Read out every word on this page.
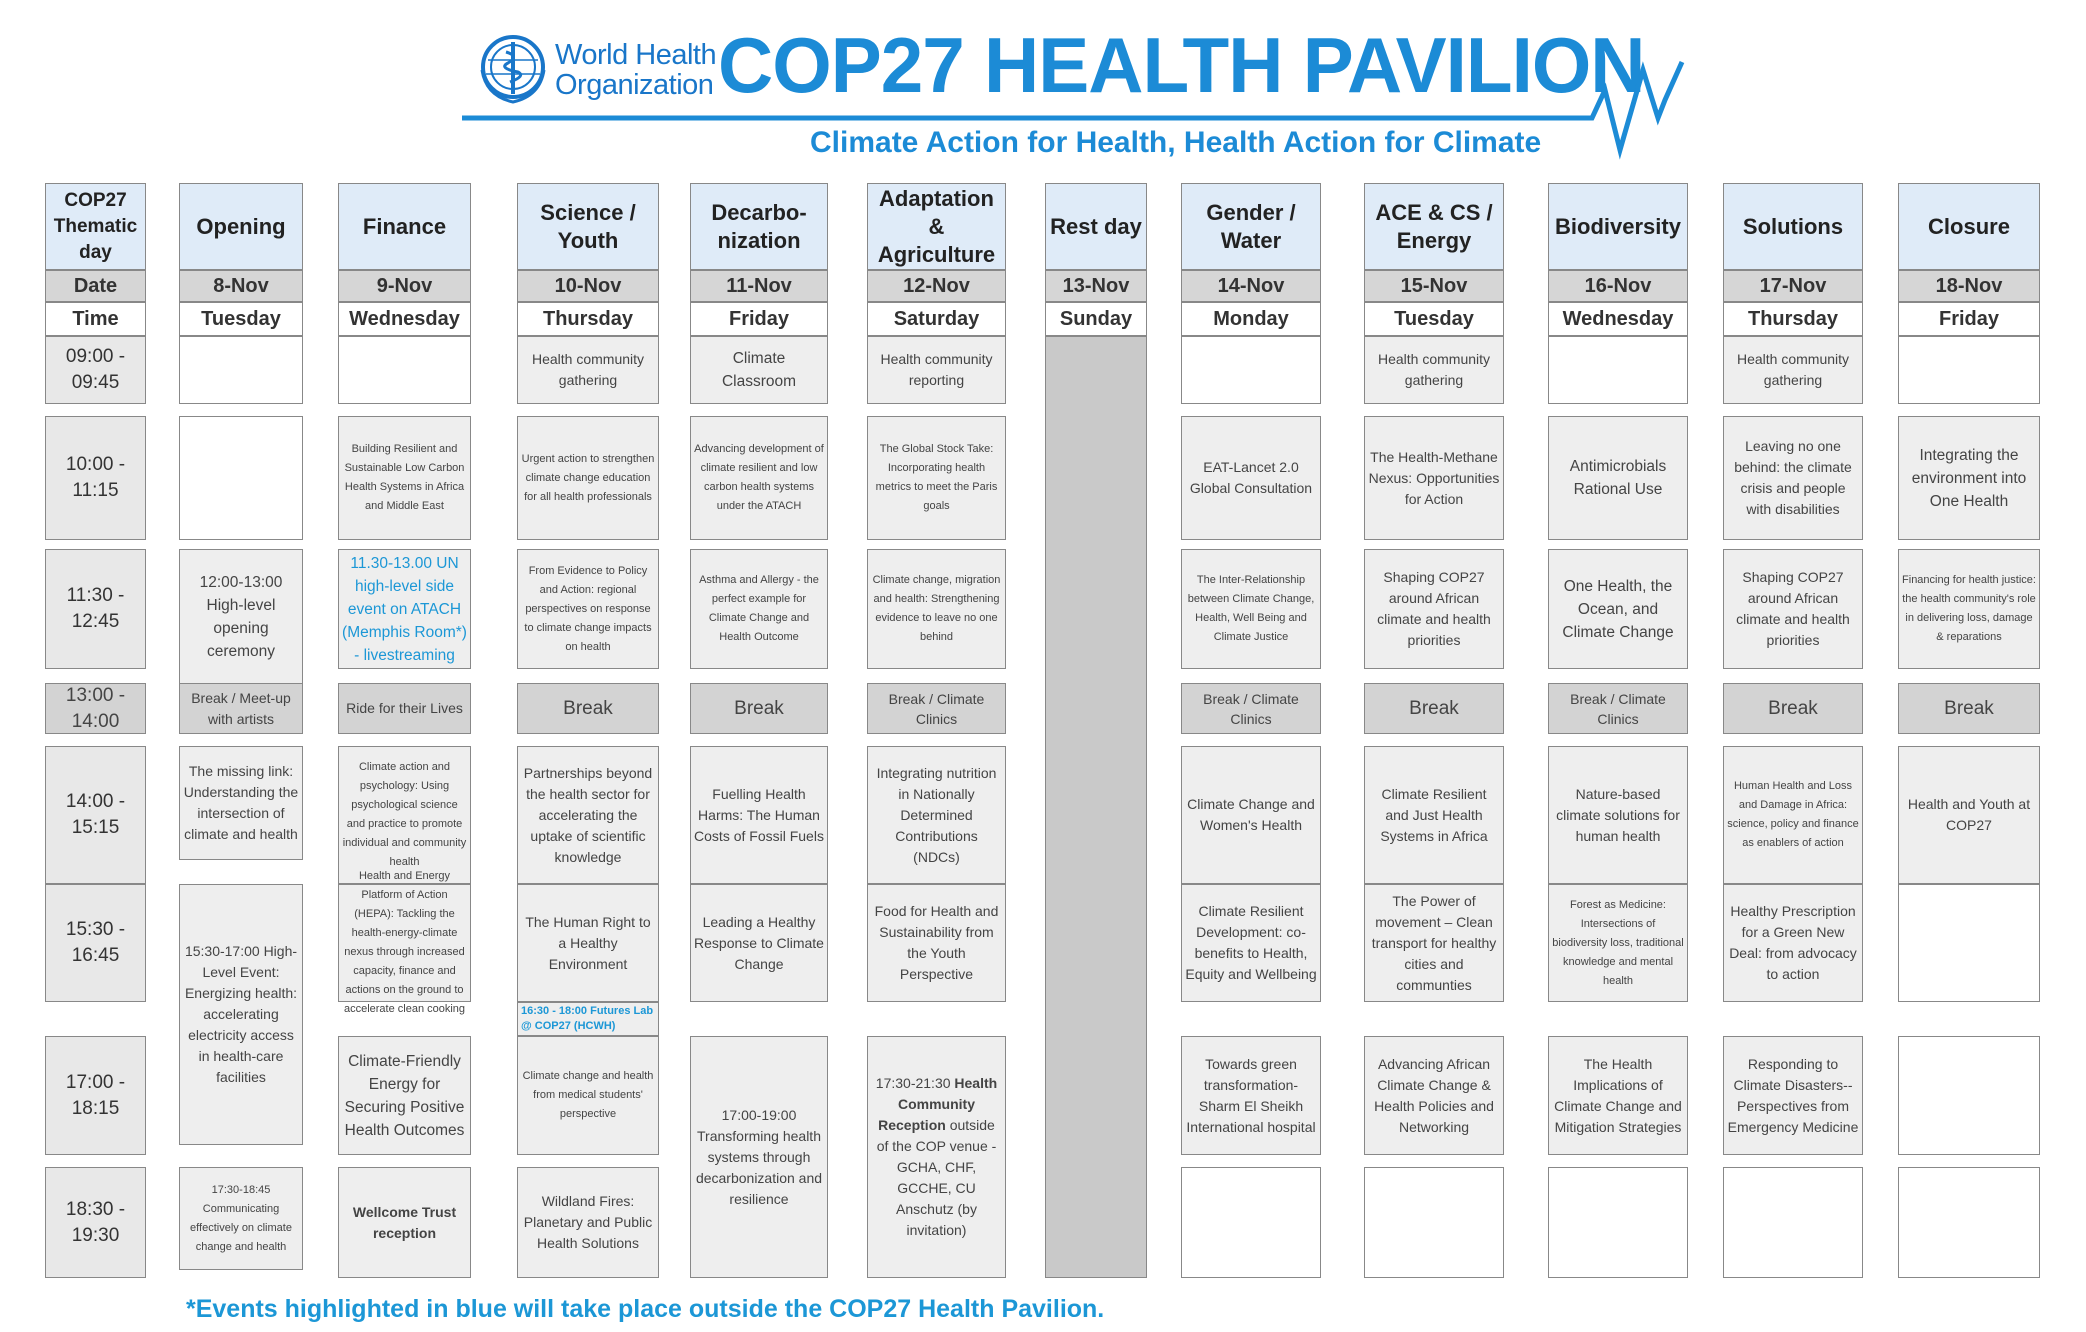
World Health
Organization COP27 HEALTH PAVILION
Climate Action for Health, Health Action for Climate
COP27 Thematic day
Date
Time
09:00 - 09:45
10:00 - 11:15
11:30 - 12:45
13:00 - 14:00
14:00 - 15:15
15:30 - 16:45
17:00 - 18:15
18:30 - 19:30
Opening
8-Nov
Tuesday
Finance
9-Nov
Wednesday
Science / Youth
10-Nov
Thursday
Decarbo- nization
11-Nov
Friday
Adaptation & Agriculture
12-Nov
Saturday
Rest day
13-Nov
Sunday
Gender / Water
14-Nov
Monday
ACE & CS / Energy
15-Nov
Tuesday
Biodiversity
16-Nov
Wednesday
Solutions
17-Nov
Thursday
Closure
18-Nov
Friday
12:00-13:00 High-level opening ceremony
Break / Meet-up with artists
The missing link: Understanding the intersection of climate and health
15:30-17:00 High-Level Event: Energizing health: accelerating electricity access in health-care facilities
17:30-18:45 Communicating effectively on climate change and health
Building Resilient and Sustainable Low Carbon Health Systems in Africa and Middle East
11.30-13.00 UN high-level side event on ATACH (Memphis Room*) - livestreaming
Ride for their Lives
Climate action and psychology: Using psychological science and practice to promote individual and community health
Health and Energy Platform of Action (HEPA): Tackling the health-energy-climate nexus through increased capacity, finance and actions on the ground to accelerate clean cooking
Climate-Friendly Energy for Securing Positive Health Outcomes
Wellcome Trust reception
Health community gathering
Urgent action to strengthen climate change education for all health professionals
From Evidence to Policy and Action: regional perspectives on response to climate change impacts on health
Break
Partnerships beyond the health sector for accelerating the uptake of scientific knowledge
The Human Right to a Healthy Environment
16:30 - 18:00 Futures Lab @ COP27 (HCWH)
Climate change and health from medical students' perspective
Wildland Fires: Planetary and Public Health Solutions
Climate Classroom
Advancing development of climate resilient and low carbon health systems under the ATACH
Asthma and Allergy - the perfect example for Climate Change and Health Outcome
Break
Fuelling Health Harms: The Human Costs of Fossil Fuels
Leading a Healthy Response to Climate Change
17:00-19:00 Transforming health systems through decarbonization and resilience
Health community reporting
The Global Stock Take: Incorporating health metrics to meet the Paris goals
Climate change, migration and health: Strengthening evidence to leave no one behind
Break / Climate Clinics
Integrating nutrition in Nationally Determined Contributions (NDCs)
Food for Health and Sustainability from the Youth Perspective
17:30-21:30 Health Community Reception outside of the COP venue - GCHA, CHF, GCCHE, CU Anschutz (by invitation)
EAT-Lancet 2.0 Global Consultation
The Inter-Relationship between Climate Change, Health, Well Being and Climate Justice
Break / Climate Clinics
Climate Change and Women's Health
Climate Resilient Development: co-benefits to Health, Equity and Wellbeing
Towards green transformation-Sharm El Sheikh International hospital
Health community gathering
The Health-Methane Nexus: Opportunities for Action
Shaping COP27 around African climate and health priorities
Break
Climate Resilient and Just Health Systems in Africa
The Power of movement – Clean transport for healthy cities and communties
Advancing African Climate Change & Health Policies and Networking
Antimicrobials Rational Use
One Health, the Ocean, and Climate Change
Break / Climate Clinics
Nature-based climate solutions for human health
Forest as Medicine: Intersections of biodiversity loss, traditional knowledge and mental health
The Health Implications of Climate Change and Mitigation Strategies
Health community gathering
Leaving no one behind: the climate crisis and people with disabilities
Shaping COP27 around African climate and health priorities
Break
Human Health and Loss and Damage in Africa: science, policy and finance as enablers of action
Healthy Prescription for a Green New Deal: from advocacy to action
Responding to Climate Disasters-- Perspectives from Emergency Medicine
Integrating the environment into One Health
Financing for health justice: the health community's role in delivering loss, damage & reparations
Break
Health and Youth at COP27
*Events highlighted in blue will take place outside the COP27 Health Pavilion.
